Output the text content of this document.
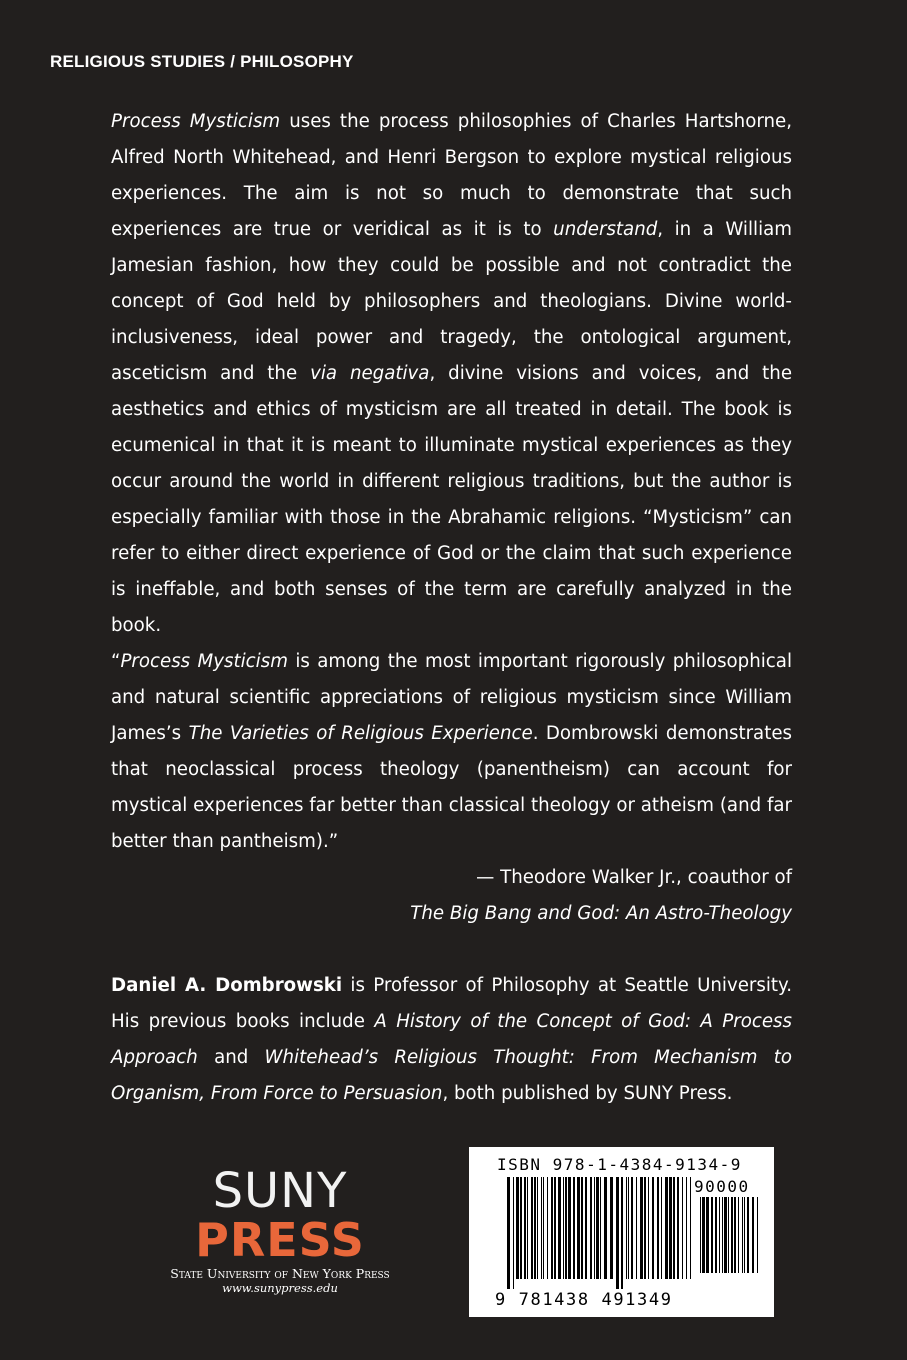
RELIGIOUS STUDIES / PHILOSOPHY

Process Mysticism uses the process philosophies of Charles Hartshorne, Alfred North Whitehead, and Henri Bergson to explore mystical religious experiences. The aim is not so much to demonstrate that such experiences are true or veridical as it is to understand, in a William Jamesian fashion, how they could be possible and not contradict the concept of God held by philosophers and theologians. Divine world-inclusiveness, ideal power and tragedy, the ontological argument, asceticism and the via negativa, divine visions and voices, and the aesthetics and ethics of mysticism are all treated in detail. The book is ecumenical in that it is meant to illuminate mystical experiences as they occur around the world in different religious traditions, but the author is especially familiar with those in the Abrahamic religions. “Mysticism” can refer to either direct experience of God or the claim that such experience is ineffable, and both senses of the term are carefully analyzed in the book.

“Process Mysticism is among the most important rigorously philosophical and natural scientific appreciations of religious mysticism since William James’s The Varieties of Religious Experience. Dombrowski demonstrates that neoclassical process theology (panentheism) can account for mystical experiences far better than classical theology or atheism (and far better than pantheism).”

— Theodore Walker Jr., coauthor of
The Big Bang and God: An Astro-Theology

Daniel A. Dombrowski is Professor of Philosophy at Seattle University. His previous books include A History of the Concept of God: A Process Approach and Whitehead’s Religious Thought: From Mechanism to Organism, From Force to Persuasion, both published by SUNY Press.

SUNY
PRESS
State University of New York Press
www.sunypress.edu
ISBN 978-1-4384-9134-9
90000
9 781438 491349
